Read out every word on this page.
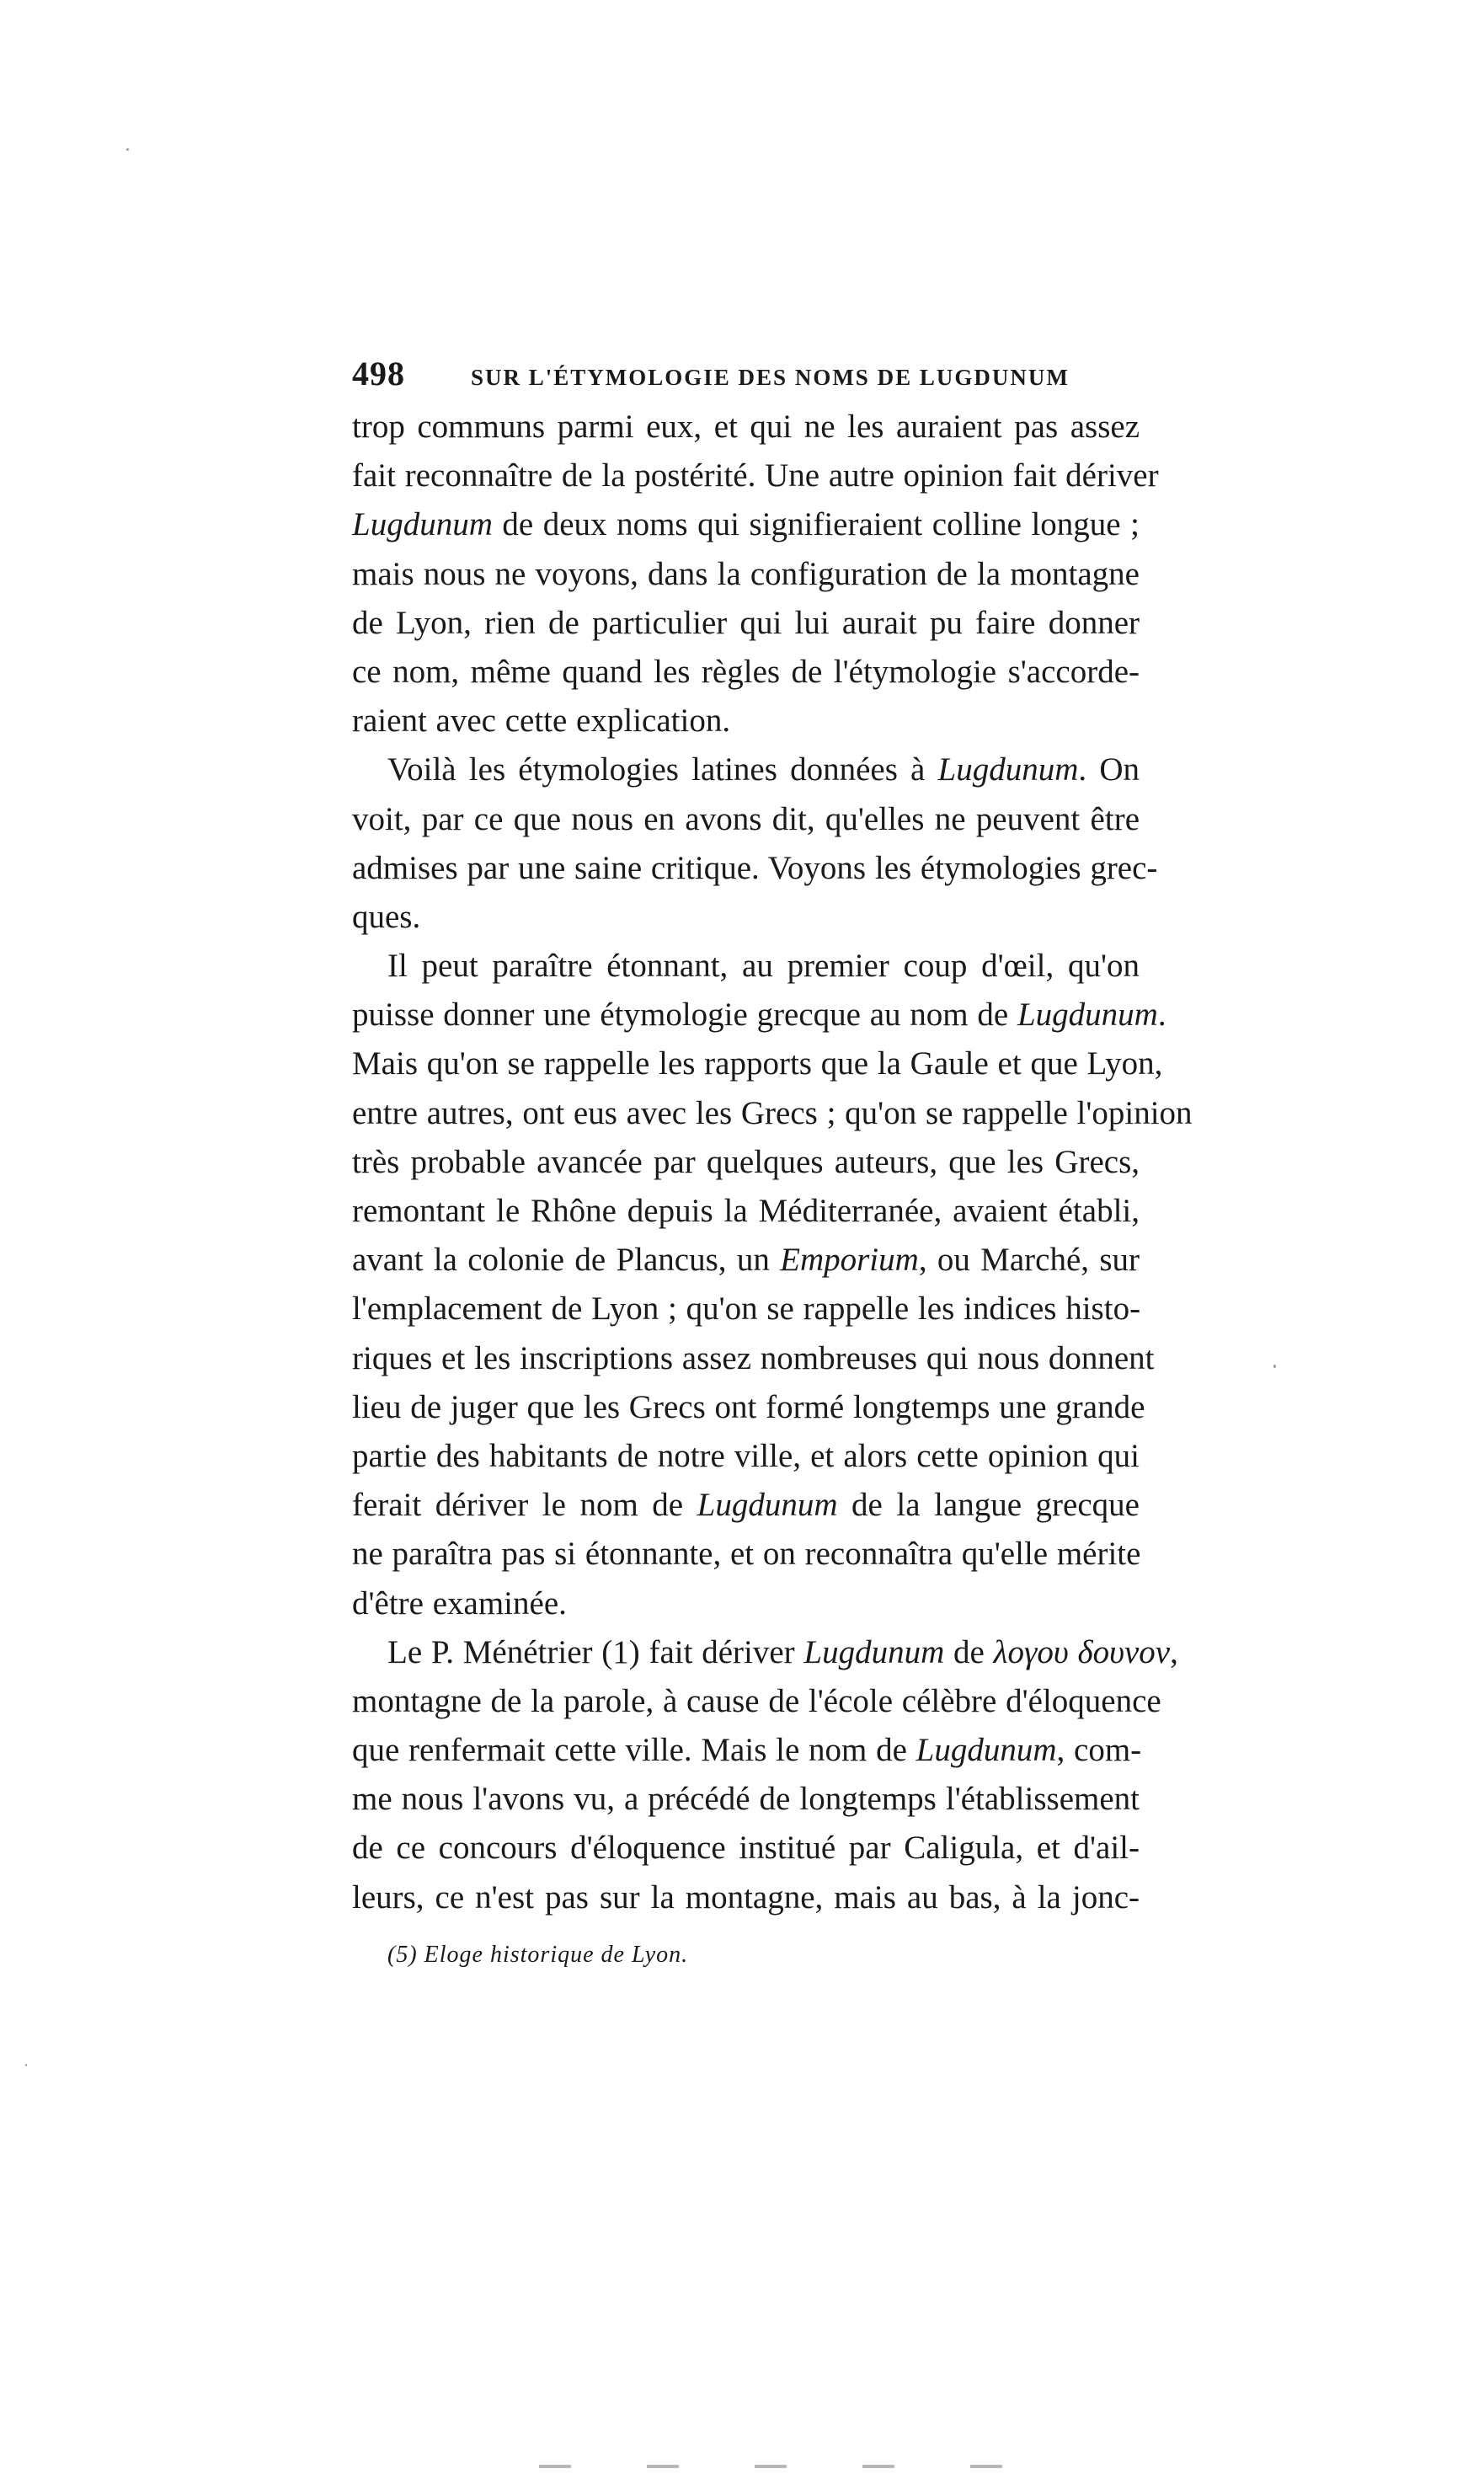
498	SUR L'ÉTYMOLOGIE DES NOMS DE LUGDUNUM
trop communs parmi eux, et qui ne les auraient pas assez
fait reconnaître de la postérité. Une autre opinion fait dériver
Lugdunum de deux noms qui signifieraient colline longue ;
mais nous ne voyons, dans la configuration de la montagne
de Lyon, rien de particulier qui lui aurait pu faire donner
ce nom, même quand les règles de l'étymologie s'accorde-
raient avec cette explication.
Voilà les étymologies latines données à Lugdunum. On
voit, par ce que nous en avons dit, qu'elles ne peuvent être
admises par une saine critique. Voyons les étymologies grec-
ques.
Il peut paraître étonnant, au premier coup d'œil, qu'on
puisse donner une étymologie grecque au nom de Lugdunum.
Mais qu'on se rappelle les rapports que la Gaule et que Lyon,
entre autres, ont eus avec les Grecs ; qu'on se rappelle l'opinion
très probable avancée par quelques auteurs, que les Grecs,
remontant le Rhône depuis la Méditerranée, avaient établi,
avant la colonie de Plancus, un Emporium, ou Marché, sur
l'emplacement de Lyon ; qu'on se rappelle les indices histo-
riques et les inscriptions assez nombreuses qui nous donnent
lieu de juger que les Grecs ont formé longtemps une grande
partie des habitants de notre ville, et alors cette opinion qui
ferait dériver le nom de Lugdunum de la langue grecque
ne paraîtra pas si étonnante, et on reconnaîtra qu'elle mérite
d'être examinée.
Le P. Ménétrier (1) fait dériver Lugdunum de λογου δουνον,
montagne de la parole, à cause de l'école célèbre d'éloquence
que renfermait cette ville. Mais le nom de Lugdunum, com-
me nous l'avons vu, a précédé de longtemps l'établissement
de ce concours d'éloquence institué par Caligula, et d'ail-
leurs, ce n'est pas sur la montagne, mais au bas, à la jonc-
(5) Eloge historique de Lyon.
